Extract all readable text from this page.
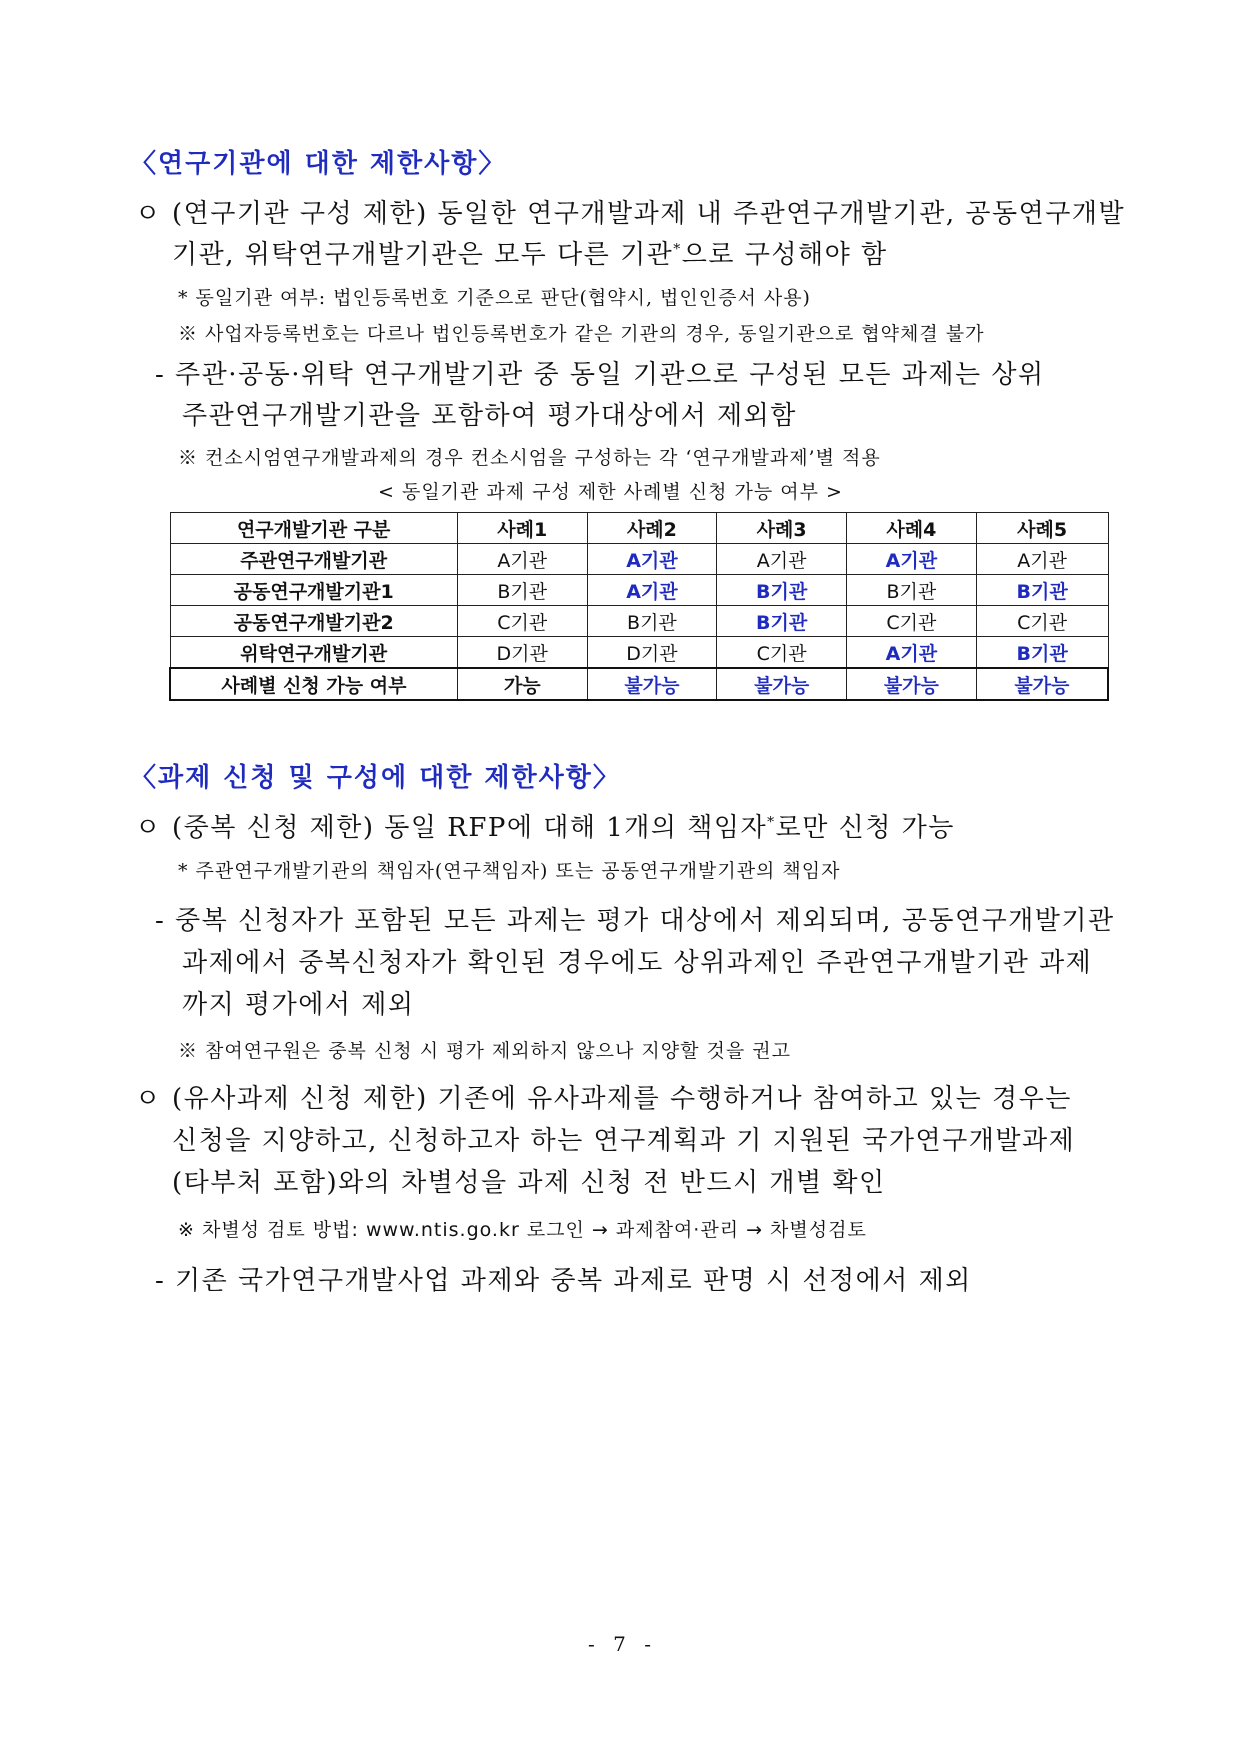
〈연구기관에 대한 제한사항〉
ㅇ (연구기관 구성 제한) 동일한 연구개발과제 내 주관연구개발기관, 공동연구개발
기관, 위탁연구개발기관은 모두 다른 기관*으로 구성해야 함
* 동일기관 여부: 법인등록번호 기준으로 판단(협약시, 법인인증서 사용)
※ 사업자등록번호는 다르나 법인등록번호가 같은 기관의 경우, 동일기관으로 협약체결 불가
- 주관·공동·위탁 연구개발기관 중 동일 기관으로 구성된 모든 과제는 상위
주관연구개발기관을 포함하여 평가대상에서 제외함
※ 컨소시엄연구개발과제의 경우 컨소시엄을 구성하는 각 ‘연구개발과제’별 적용
< 동일기관 과제 구성 제한 사례별 신청 가능 여부 >
연구개발기관 구분	사례1	사례2	사례3	사례4	사례5
주관연구개발기관	A기관	A기관	A기관	A기관	A기관
공동연구개발기관1	B기관	A기관	B기관	B기관	B기관
공동연구개발기관2	C기관	B기관	B기관	C기관	C기관
위탁연구개발기관	D기관	D기관	C기관	A기관	B기관
사례별 신청 가능 여부	가능	불가능	불가능	불가능	불가능
〈과제 신청 및 구성에 대한 제한사항〉
ㅇ (중복 신청 제한) 동일 RFP에 대해 1개의 책임자*로만 신청 가능
* 주관연구개발기관의 책임자(연구책임자) 또는 공동연구개발기관의 책임자
- 중복 신청자가 포함된 모든 과제는 평가 대상에서 제외되며, 공동연구개발기관
과제에서 중복신청자가 확인된 경우에도 상위과제인 주관연구개발기관 과제
까지 평가에서 제외
※ 참여연구원은 중복 신청 시 평가 제외하지 않으나 지양할 것을 권고
ㅇ (유사과제 신청 제한) 기존에 유사과제를 수행하거나 참여하고 있는 경우는
신청을 지양하고, 신청하고자 하는 연구계획과 기 지원된 국가연구개발과제
(타부처 포함)와의 차별성을 과제 신청 전 반드시 개별 확인
※ 차별성 검토 방법: www.ntis.go.kr 로그인 → 과제참여·관리 → 차별성검토
- 기존 국가연구개발사업 과제와 중복 과제로 판명 시 선정에서 제외
- 7 -
